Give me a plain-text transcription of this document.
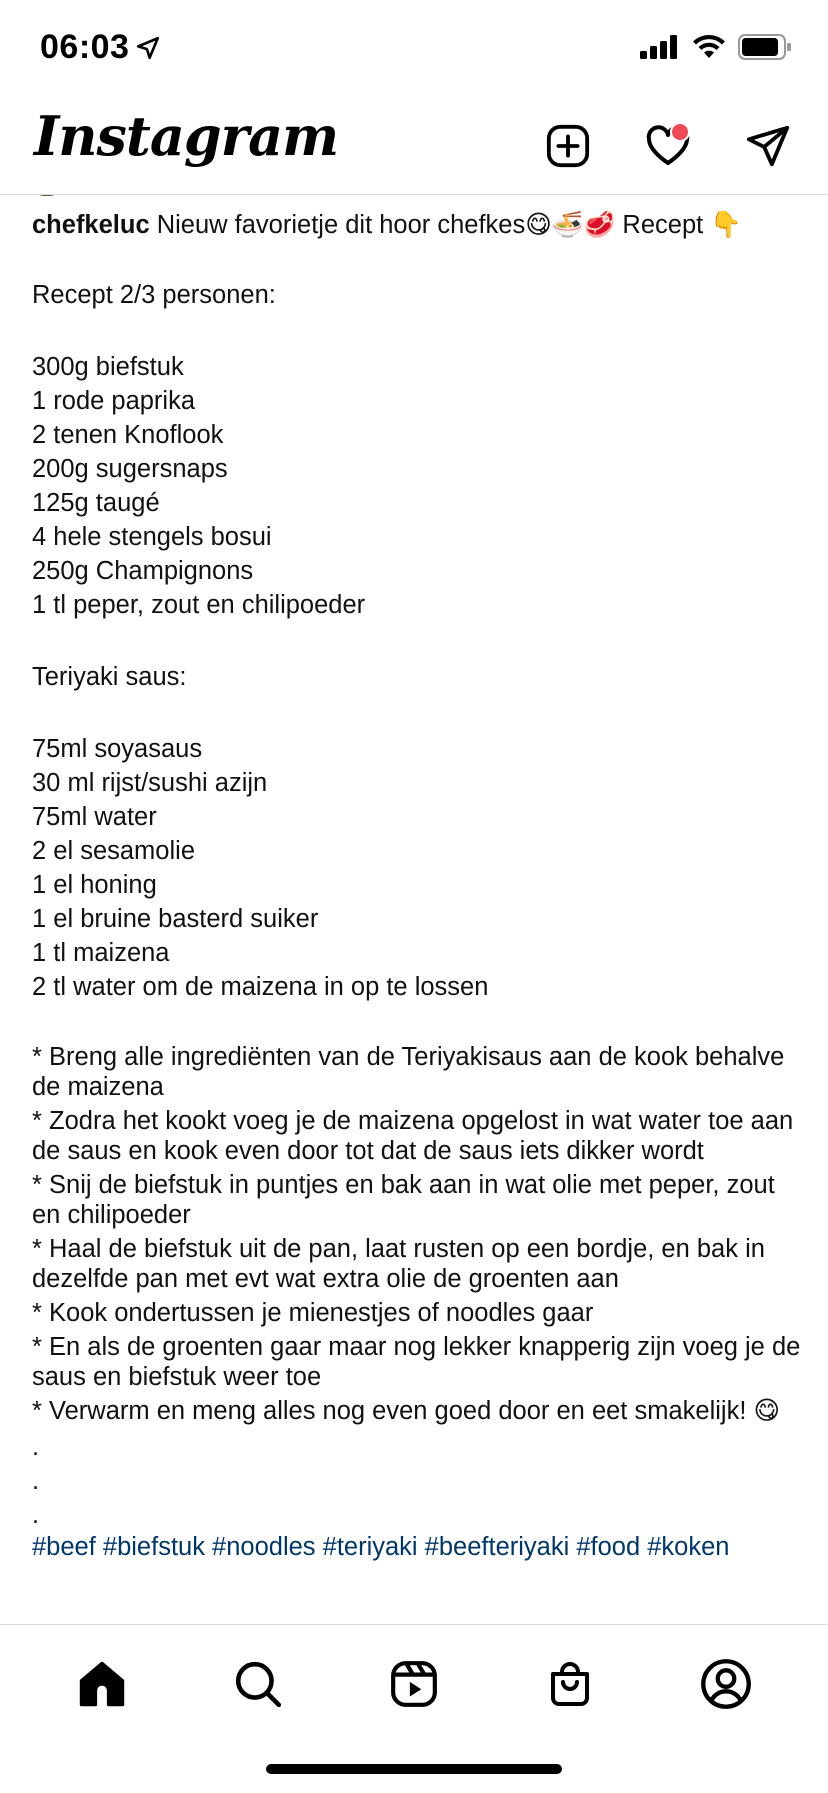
06:03
Instagram

chefkeluc Nieuw favorietje dit hoor chefkes😋🍜🥩 Recept 👇

Recept 2/3 personen:

300g biefstuk

1 rode paprika

2 tenen Knoflook

200g sugersnaps

125g taugé

4 hele stengels bosui

250g Champignons

1 tl peper, zout en chilipoeder

Teriyaki saus:

75ml soyasaus

30 ml rijst/sushi azijn

75ml water

2 el sesamolie

1 el honing

1 el bruine basterd suiker

1 tl maizena

2 tl water om de maizena in op te lossen

* Breng alle ingrediënten van de Teriyakisaus aan de kook behalve de maizena

* Zodra het kookt voeg je de maizena opgelost in wat water toe aan de saus en kook even door tot dat de saus iets dikker wordt

* Snij de biefstuk in puntjes en bak aan in wat olie met peper, zout en chilipoeder

* Haal de biefstuk uit de pan, laat rusten op een bordje, en bak in dezelfde pan met evt wat extra olie de groenten aan

* Kook ondertussen je mienestjes of noodles gaar

* En als de groenten gaar maar nog lekker knapperig zijn voeg je de saus en biefstuk weer toe

* Verwarm en meng alles nog even goed door en eet smakelijk! 😋

.

.

.

#beef #biefstuk #noodles #teriyaki #beefteriyaki #food #koken
